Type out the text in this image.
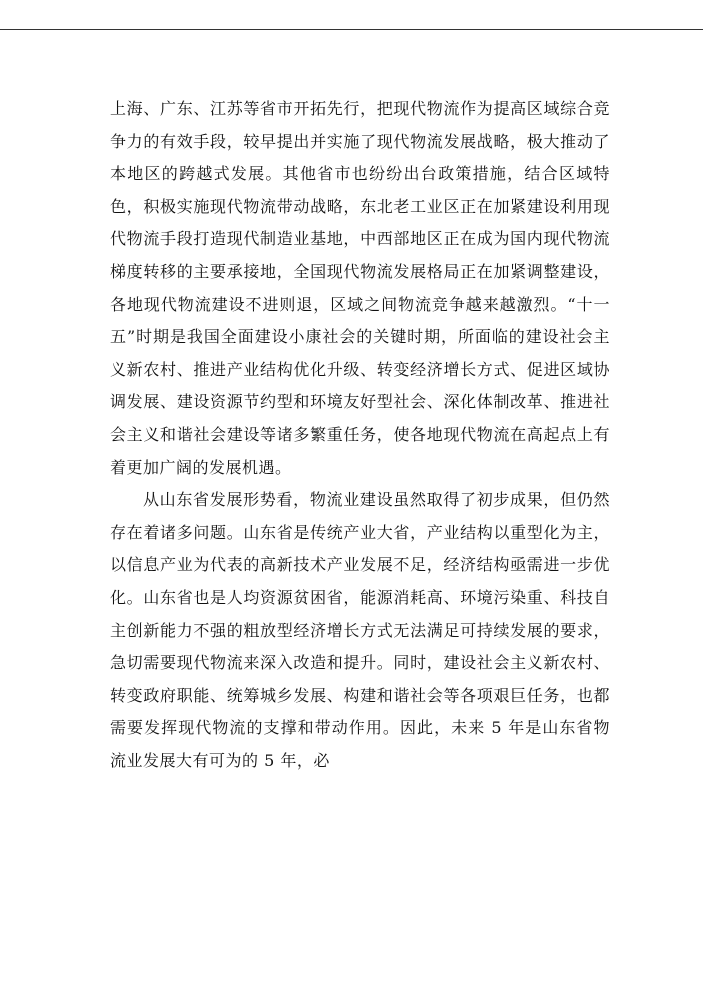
上海、广东、江苏等省市开拓先行，把现代物流作为提高区域综合竞争力的有效手段，较早提出并实施了现代物流发展战略，极大推动了本地区的跨越式发展。其他省市也纷纷出台政策措施，结合区域特色，积极实施现代物流带动战略，东北老工业区正在加紧建设利用现代物流手段打造现代制造业基地，中西部地区正在成为国内现代物流梯度转移的主要承接地，全国现代物流发展格局正在加紧调整建设，各地现代物流建设不进则退，区域之间物流竞争越来越激烈。“十一五”时期是我国全面建设小康社会的关键时期，所面临的建设社会主义新农村、推进产业结构优化升级、转变经济增长方式、促进区域协调发展、建设资源节约型和环境友好型社会、深化体制改革、推进社会主义和谐社会建设等诸多繁重任务，使各地现代物流在高起点上有着更加广阔的发展机遇。

从山东省发展形势看，物流业建设虽然取得了初步成果，但仍然存在着诸多问题。山东省是传统产业大省，产业结构以重型化为主，以信息产业为代表的高新技术产业发展不足，经济结构亟需进一步优化。山东省也是人均资源贫困省，能源消耗高、环境污染重、科技自主创新能力不强的粗放型经济增长方式无法满足可持续发展的要求，急切需要现代物流来深入改造和提升。同时，建设社会主义新农村、转变政府职能、统筹城乡发展、构建和谐社会等各项艰巨任务，也都需要发挥现代物流的支撑和带动作用。因此，未来 5 年是山东省物流业发展大有可为的 5 年，必
